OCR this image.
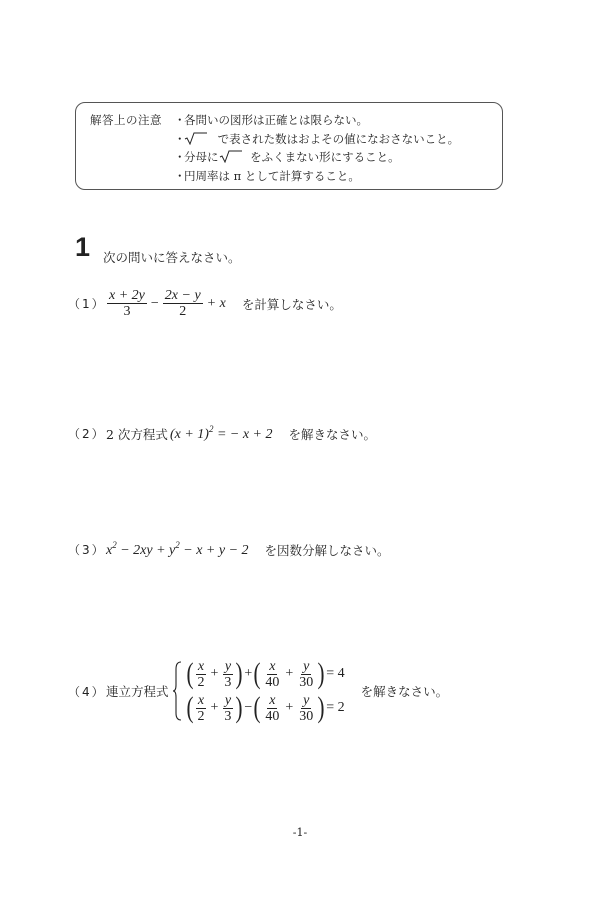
解答上の注意 ・各問いの図形は正確とは限らない。
・	で表された数はおよその値になおさないこと。
・分母に	をふくまない形にすること。
・円周率は π として計算すること。
1 次の問いに答えなさい。
$(1) \frac{x + 2y}{3} - \frac{2x - y}{2} + x$ を計算しなさい。
（2） 2 次方程式 $(x + 1)^2$ = − x + 2 を解きなさい。
（3） $x^2 - 2xy + y^2 - x + y - 2$ を因数分解しなさい。
（4） 連立方程式
( $\frac{x}{2} + \frac{y}{3}$ ) + ( $\frac{x}{40} + \frac{y}{30}$ ) = 4
( $\frac{x}{2} + \frac{y}{3}$ ) − ( $\frac{x}{40} + \frac{y}{30}$ ) = 2
を解きなさい。
-1-
